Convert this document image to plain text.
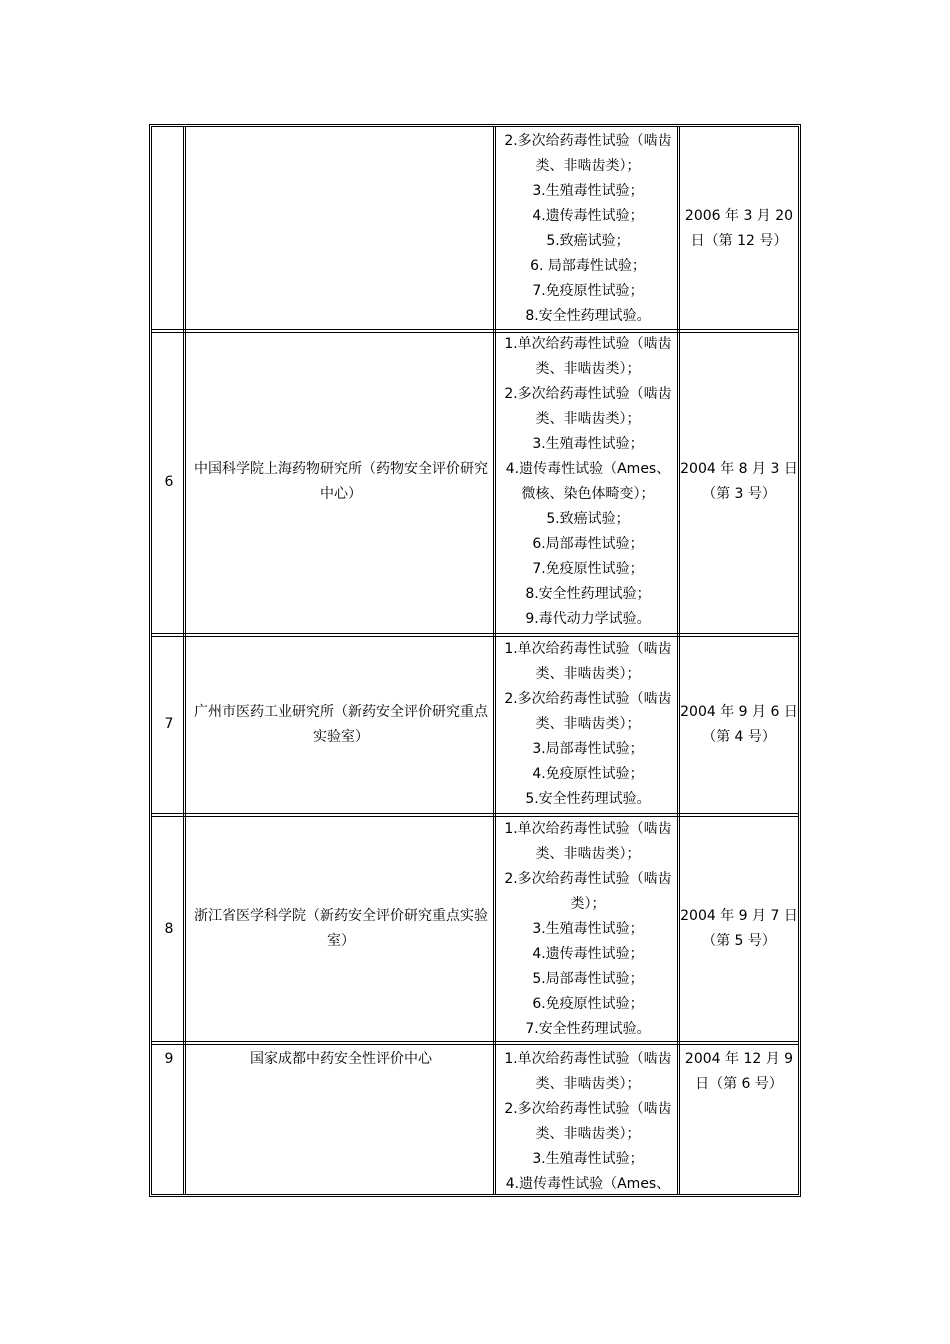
2.多次给药毒性试验（啮齿
类、非啮齿类）；
3.生殖毒性试验；
4.遗传毒性试验；
5.致癌试验；
6. 局部毒性试验；
7.免疫原性试验；
8.安全性药理试验。
2006 年 3 月 20
日（第 12 号）
6
中国科学院上海药物研究所（药物安全评价研究
中心）
1.单次给药毒性试验（啮齿
类、非啮齿类）；
2.多次给药毒性试验（啮齿
类、非啮齿类）；
3.生殖毒性试验；
4.遗传毒性试验（Ames、
微核、染色体畸变）；
5.致癌试验；
6.局部毒性试验；
7.免疫原性试验；
8.安全性药理试验；
9.毒代动力学试验。
2004 年 8 月 3 日
（第 3 号）
7
广州市医药工业研究所（新药安全评价研究重点
实验室）
1.单次给药毒性试验（啮齿
类、非啮齿类）；
2.多次给药毒性试验（啮齿
类、非啮齿类）；
3.局部毒性试验；
4.免疫原性试验；
5.安全性药理试验。
2004 年 9 月 6 日
（第 4 号）
8
浙江省医学科学院（新药安全评价研究重点实验
室）
1.单次给药毒性试验（啮齿
类、非啮齿类）；
2.多次给药毒性试验（啮齿
类）；
3.生殖毒性试验；
4.遗传毒性试验；
5.局部毒性试验；
6.免疫原性试验；
7.安全性药理试验。
2004 年 9 月 7 日
（第 5 号）
9	国家成都中药安全性评价中心	1.单次给药毒性试验（啮齿
类、非啮齿类）；
2.多次给药毒性试验（啮齿
类、非啮齿类）；
3.生殖毒性试验；
4.遗传毒性试验（Ames、
2004 年 12 月 9
日（第 6 号）
